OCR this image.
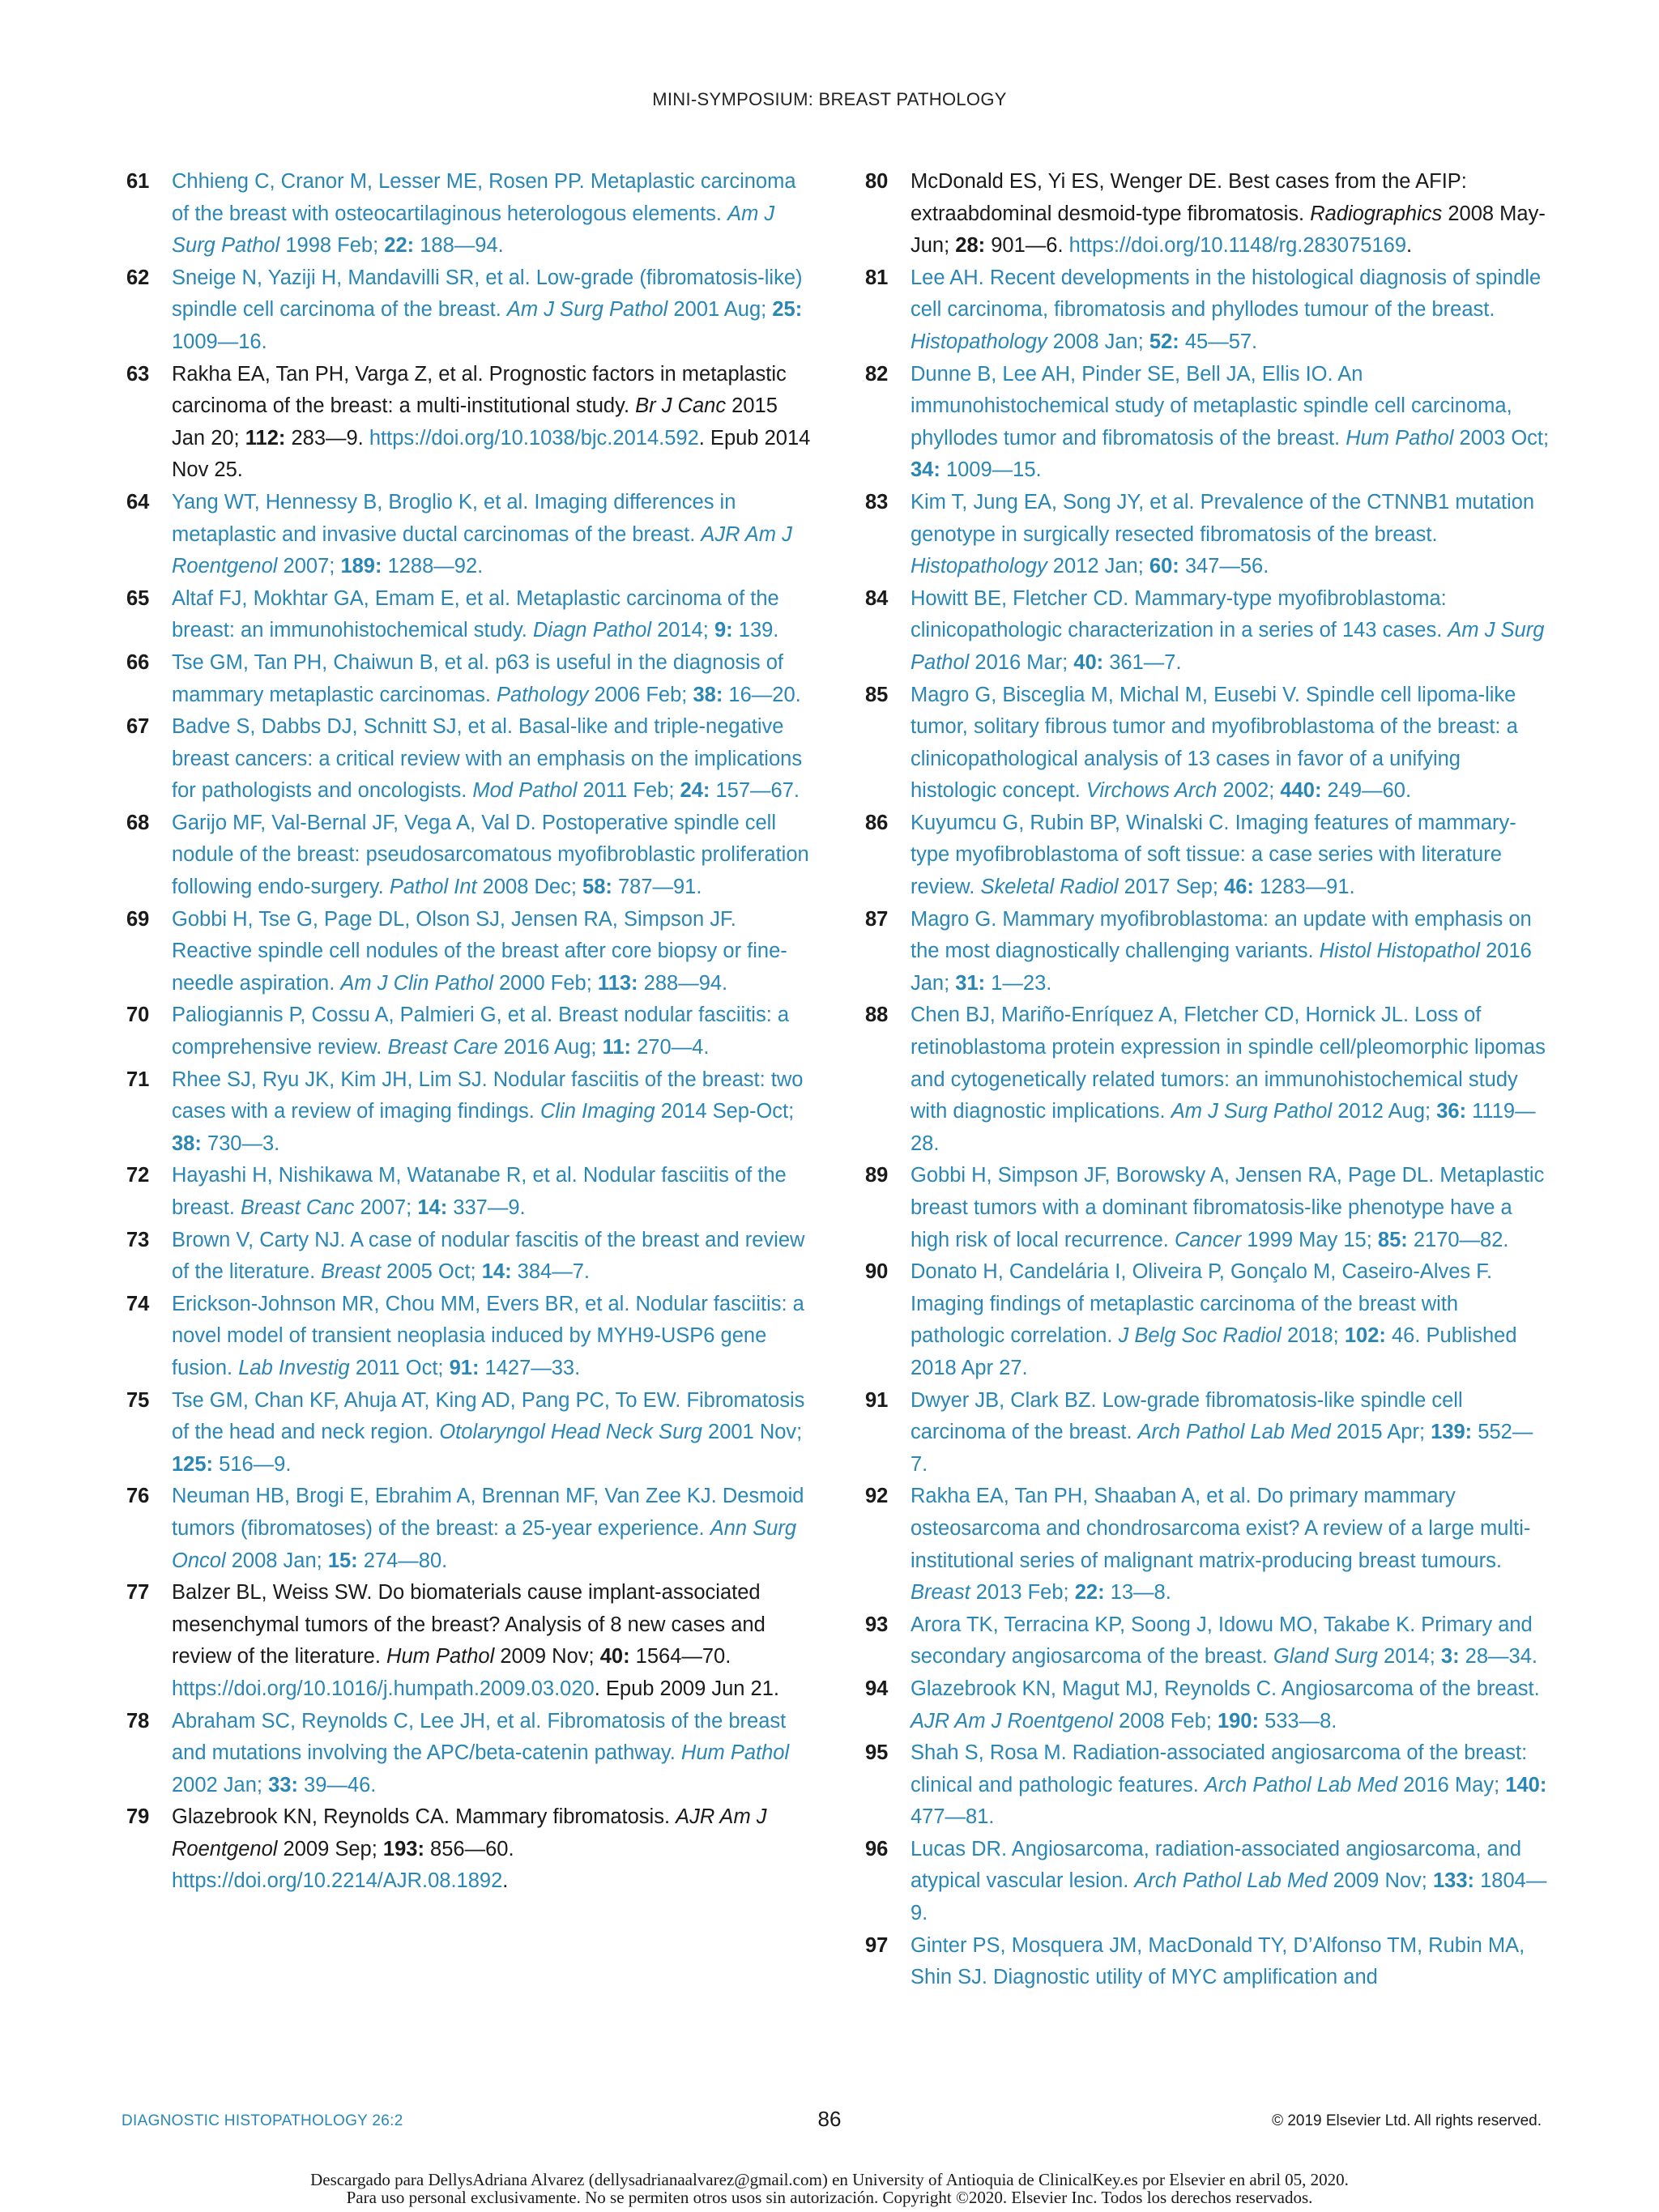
MINI-SYMPOSIUM: BREAST PATHOLOGY
61	Chhieng C, Cranor M, Lesser ME, Rosen PP. Metaplastic carcinoma of the breast with osteocartilaginous heterologous elements. Am J Surg Pathol 1998 Feb; 22: 188—94.
62	Sneige N, Yaziji H, Mandavilli SR, et al. Low-grade (fibromatosis-like) spindle cell carcinoma of the breast. Am J Surg Pathol 2001 Aug; 25: 1009—16.
63	Rakha EA, Tan PH, Varga Z, et al. Prognostic factors in metaplastic carcinoma of the breast: a multi-institutional study. Br J Canc 2015 Jan 20; 112: 283—9. https://doi.org/10.1038/bjc.2014.592. Epub 2014 Nov 25.
64	Yang WT, Hennessy B, Broglio K, et al. Imaging differences in metaplastic and invasive ductal carcinomas of the breast. AJR Am J Roentgenol 2007; 189: 1288—92.
65	Altaf FJ, Mokhtar GA, Emam E, et al. Metaplastic carcinoma of the breast: an immunohistochemical study. Diagn Pathol 2014; 9: 139.
66	Tse GM, Tan PH, Chaiwun B, et al. p63 is useful in the diagnosis of mammary metaplastic carcinomas. Pathology 2006 Feb; 38: 16—20.
67	Badve S, Dabbs DJ, Schnitt SJ, et al. Basal-like and triple-negative breast cancers: a critical review with an emphasis on the implications for pathologists and oncologists. Mod Pathol 2011 Feb; 24: 157—67.
68	Garijo MF, Val-Bernal JF, Vega A, Val D. Postoperative spindle cell nodule of the breast: pseudosarcomatous myofibroblastic proliferation following endo-surgery. Pathol Int 2008 Dec; 58: 787—91.
69	Gobbi H, Tse G, Page DL, Olson SJ, Jensen RA, Simpson JF. Reactive spindle cell nodules of the breast after core biopsy or fine-needle aspiration. Am J Clin Pathol 2000 Feb; 113: 288—94.
70	Paliogiannis P, Cossu A, Palmieri G, et al. Breast nodular fasciitis: a comprehensive review. Breast Care 2016 Aug; 11: 270—4.
71	Rhee SJ, Ryu JK, Kim JH, Lim SJ. Nodular fasciitis of the breast: two cases with a review of imaging findings. Clin Imaging 2014 Sep-Oct; 38: 730—3.
72	Hayashi H, Nishikawa M, Watanabe R, et al. Nodular fasciitis of the breast. Breast Canc 2007; 14: 337—9.
73	Brown V, Carty NJ. A case of nodular fascitis of the breast and review of the literature. Breast 2005 Oct; 14: 384—7.
74	Erickson-Johnson MR, Chou MM, Evers BR, et al. Nodular fasciitis: a novel model of transient neoplasia induced by MYH9-USP6 gene fusion. Lab Investig 2011 Oct; 91: 1427—33.
75	Tse GM, Chan KF, Ahuja AT, King AD, Pang PC, To EW. Fibromatosis of the head and neck region. Otolaryngol Head Neck Surg 2001 Nov; 125: 516—9.
76	Neuman HB, Brogi E, Ebrahim A, Brennan MF, Van Zee KJ. Desmoid tumors (fibromatoses) of the breast: a 25-year experience. Ann Surg Oncol 2008 Jan; 15: 274—80.
77	Balzer BL, Weiss SW. Do biomaterials cause implant-associated mesenchymal tumors of the breast? Analysis of 8 new cases and review of the literature. Hum Pathol 2009 Nov; 40: 1564—70. https://doi.org/10.1016/j.humpath.2009.03.020. Epub 2009 Jun 21.
78	Abraham SC, Reynolds C, Lee JH, et al. Fibromatosis of the breast and mutations involving the APC/beta-catenin pathway. Hum Pathol 2002 Jan; 33: 39—46.
79	Glazebrook KN, Reynolds CA. Mammary fibromatosis. AJR Am J Roentgenol 2009 Sep; 193: 856—60. https://doi.org/10.2214/AJR.08.1892.
80	McDonald ES, Yi ES, Wenger DE. Best cases from the AFIP: extraabdominal desmoid-type fibromatosis. Radiographics 2008 May-Jun; 28: 901—6. https://doi.org/10.1148/rg.283075169.
81	Lee AH. Recent developments in the histological diagnosis of spindle cell carcinoma, fibromatosis and phyllodes tumour of the breast. Histopathology 2008 Jan; 52: 45—57.
82	Dunne B, Lee AH, Pinder SE, Bell JA, Ellis IO. An immunohistochemical study of metaplastic spindle cell carcinoma, phyllodes tumor and fibromatosis of the breast. Hum Pathol 2003 Oct; 34: 1009—15.
83	Kim T, Jung EA, Song JY, et al. Prevalence of the CTNNB1 mutation genotype in surgically resected fibromatosis of the breast. Histopathology 2012 Jan; 60: 347—56.
84	Howitt BE, Fletcher CD. Mammary-type myofibroblastoma: clinicopathologic characterization in a series of 143 cases. Am J Surg Pathol 2016 Mar; 40: 361—7.
85	Magro G, Bisceglia M, Michal M, Eusebi V. Spindle cell lipoma-like tumor, solitary fibrous tumor and myofibroblastoma of the breast: a clinicopathological analysis of 13 cases in favor of a unifying histologic concept. Virchows Arch 2002; 440: 249—60.
86	Kuyumcu G, Rubin BP, Winalski C. Imaging features of mammary-type myofibroblastoma of soft tissue: a case series with literature review. Skeletal Radiol 2017 Sep; 46: 1283—91.
87	Magro G. Mammary myofibroblastoma: an update with emphasis on the most diagnostically challenging variants. Histol Histopathol 2016 Jan; 31: 1—23.
88	Chen BJ, Mariño-Enríquez A, Fletcher CD, Hornick JL. Loss of retinoblastoma protein expression in spindle cell/pleomorphic lipomas and cytogenetically related tumors: an immunohistochemical study with diagnostic implications. Am J Surg Pathol 2012 Aug; 36: 1119—28.
89	Gobbi H, Simpson JF, Borowsky A, Jensen RA, Page DL. Metaplastic breast tumors with a dominant fibromatosis-like phenotype have a high risk of local recurrence. Cancer 1999 May 15; 85: 2170—82.
90	Donato H, Candelária I, Oliveira P, Gonçalo M, Caseiro-Alves F. Imaging findings of metaplastic carcinoma of the breast with pathologic correlation. J Belg Soc Radiol 2018; 102: 46. Published 2018 Apr 27.
91	Dwyer JB, Clark BZ. Low-grade fibromatosis-like spindle cell carcinoma of the breast. Arch Pathol Lab Med 2015 Apr; 139: 552—7.
92	Rakha EA, Tan PH, Shaaban A, et al. Do primary mammary osteosarcoma and chondrosarcoma exist? A review of a large multi-institutional series of malignant matrix-producing breast tumours. Breast 2013 Feb; 22: 13—8.
93	Arora TK, Terracina KP, Soong J, Idowu MO, Takabe K. Primary and secondary angiosarcoma of the breast. Gland Surg 2014; 3: 28—34.
94	Glazebrook KN, Magut MJ, Reynolds C. Angiosarcoma of the breast. AJR Am J Roentgenol 2008 Feb; 190: 533—8.
95	Shah S, Rosa M. Radiation-associated angiosarcoma of the breast: clinical and pathologic features. Arch Pathol Lab Med 2016 May; 140: 477—81.
96	Lucas DR. Angiosarcoma, radiation-associated angiosarcoma, and atypical vascular lesion. Arch Pathol Lab Med 2009 Nov; 133: 1804—9.
97	Ginter PS, Mosquera JM, MacDonald TY, D’Alfonso TM, Rubin MA, Shin SJ. Diagnostic utility of MYC amplification and
DIAGNOSTIC HISTOPATHOLOGY 26:2	86	© 2019 Elsevier Ltd. All rights reserved.
Descargado para DellysAdriana Alvarez (dellysadrianaalvarez@gmail.com) en University of Antioquia de ClinicalKey.es por Elsevier en abril 05, 2020.
Para uso personal exclusivamente. No se permiten otros usos sin autorización. Copyright ©2020. Elsevier Inc. Todos los derechos reservados.
